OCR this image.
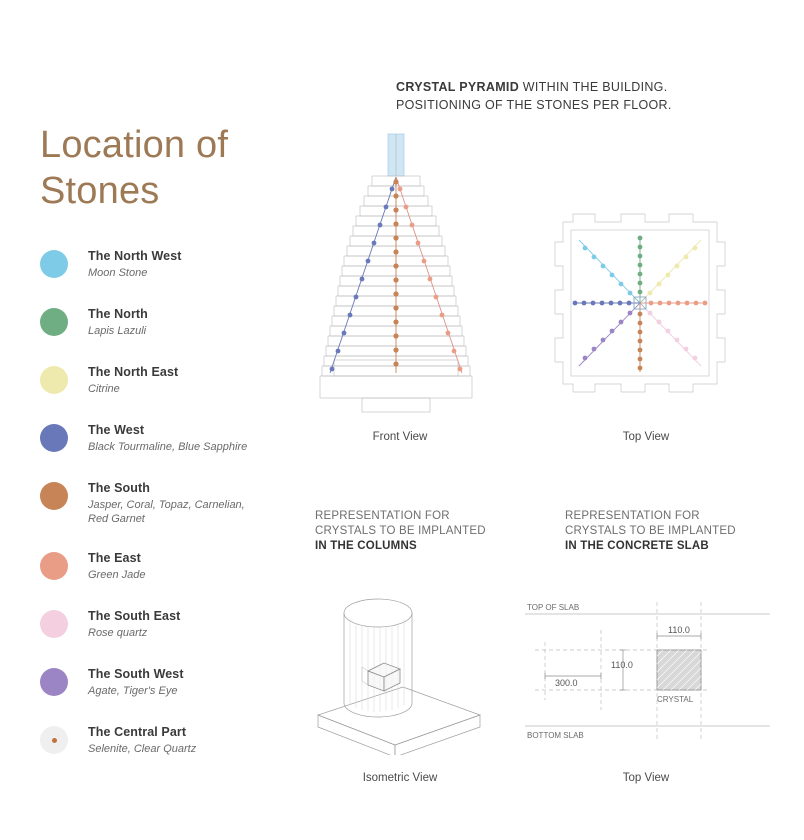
Location of Stones
The North West
Moon Stone
The North
Lapis Lazuli
The North East
Citrine
The West
Black Tourmaline, Blue Sapphire
The South
Jasper, Coral, Topaz, Carnelian, Red Garnet
The East
Green Jade
The South East
Rose quartz
The South West
Agate, Tiger's Eye
The Central Part
Selenite, Clear Quartz
CRYSTAL PYRAMID WITHIN THE BUILDING.
POSITIONING OF THE STONES PER FLOOR.
Front View	Top View
REPRESENTATION FOR
CRYSTALS TO BE IMPLANTED
IN THE COLUMNS
REPRESENTATION FOR
CRYSTALS TO BE IMPLANTED
IN THE CONCRETE SLAB
Isometric View
110.0
110.0
300.0
TOP OF SLAB
BOTTOM SLAB
CRYSTAL
Top View
